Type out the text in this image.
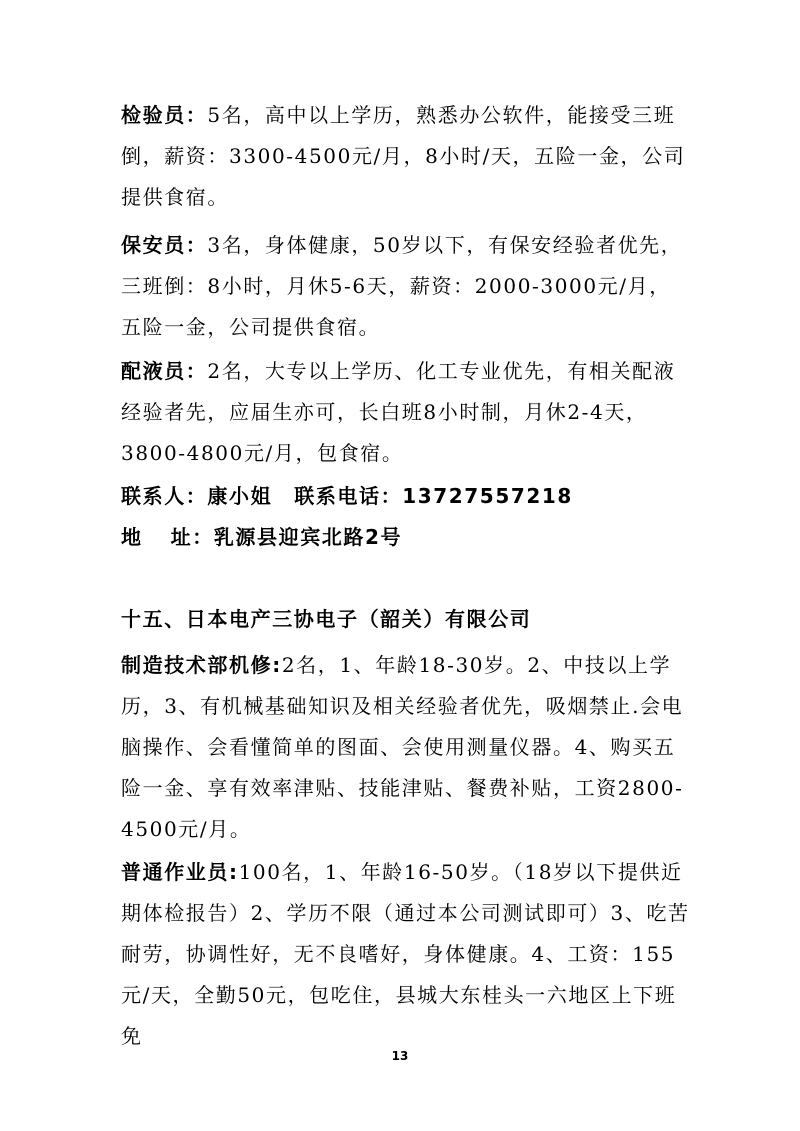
检验员：5名，高中以上学历，熟悉办公软件，能接受三班倒，薪资：3300-4500元/月，8小时/天，五险一金，公司提供食宿。

保安员：3名，身体健康，50岁以下，有保安经验者优先，三班倒：8小时，月休5-6天，薪资：2000-3000元/月，五险一金，公司提供食宿。

配液员：2名，大专以上学历、化工专业优先，有相关配液经验者先，应届生亦可，长白班8小时制，月休2-4天，3800-4800元/月，包食宿。

联系人：康小姐 联系电话：13727557218

地 址：乳源县迎宾北路2号

十五、日本电产三协电子（韶关）有限公司

制造技术部机修:2名，1、年龄18-30岁。2、中技以上学历，3、有机械基础知识及相关经验者优先，吸烟禁止.会电脑操作、会看懂简单的图面、会使用测量仪器。4、购买五险一金、享有效率津贴、技能津贴、餐费补贴，工资2800-4500元/月。

普通作业员:100名，1、年龄16-50岁。（18岁以下提供近期体检报告）2、学历不限（通过本公司测试即可）3、吃苦耐劳，协调性好，无不良嗜好，身体健康。4、工资：155元/天，全勤50元，包吃住，县城大东桂头一六地区上下班免

13
